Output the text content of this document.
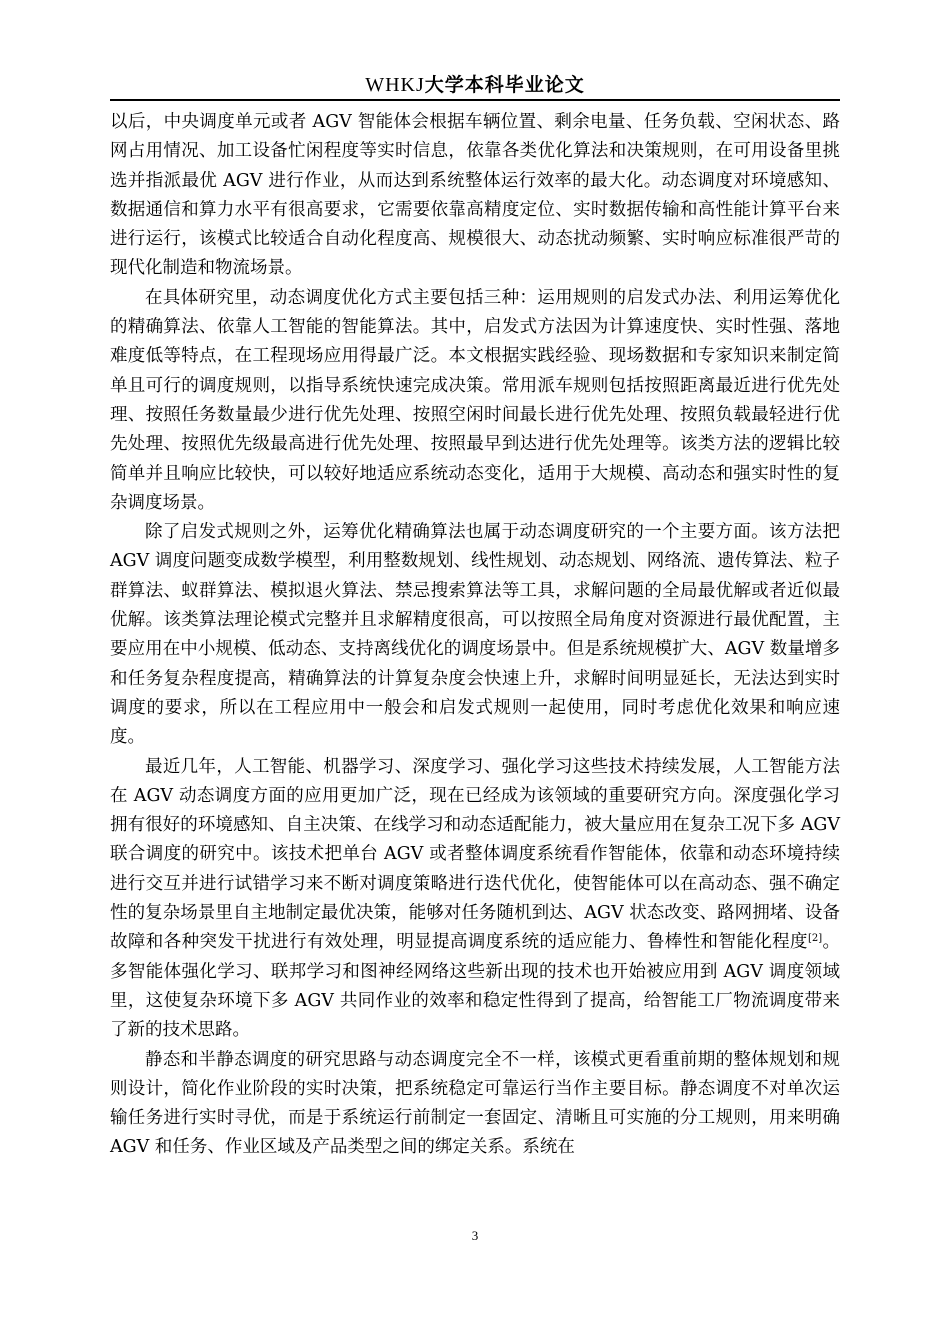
WHKJ大学本科毕业论文

以后，中央调度单元或者 AGV 智能体会根据车辆位置、剩余电量、任务负载、空闲状态、路网占用情况、加工设备忙闲程度等实时信息，依靠各类优化算法和决策规则，在可用设备里挑选并指派最优 AGV 进行作业，从而达到系统整体运行效率的最大化。动态调度对环境感知、数据通信和算力水平有很高要求，它需要依靠高精度定位、实时数据传输和高性能计算平台来进行运行，该模式比较适合自动化程度高、规模很大、动态扰动频繁、实时响应标准很严苛的现代化制造和物流场景。

在具体研究里，动态调度优化方式主要包括三种：运用规则的启发式办法、利用运筹优化的精确算法、依靠人工智能的智能算法。其中，启发式方法因为计算速度快、实时性强、落地难度低等特点，在工程现场应用得最广泛。本文根据实践经验、现场数据和专家知识来制定简单且可行的调度规则，以指导系统快速完成决策。常用派车规则包括按照距离最近进行优先处理、按照任务数量最少进行优先处理、按照空闲时间最长进行优先处理、按照负载最轻进行优先处理、按照优先级最高进行优先处理、按照最早到达进行优先处理等。该类方法的逻辑比较简单并且响应比较快，可以较好地适应系统动态变化，适用于大规模、高动态和强实时性的复杂调度场景。

除了启发式规则之外，运筹优化精确算法也属于动态调度研究的一个主要方面。该方法把 AGV 调度问题变成数学模型，利用整数规划、线性规划、动态规划、网络流、遗传算法、粒子群算法、蚁群算法、模拟退火算法、禁忌搜索算法等工具，求解问题的全局最优解或者近似最优解。该类算法理论模式完整并且求解精度很高，可以按照全局角度对资源进行最优配置，主要应用在中小规模、低动态、支持离线优化的调度场景中。但是系统规模扩大、AGV 数量增多和任务复杂程度提高，精确算法的计算复杂度会快速上升，求解时间明显延长，无法达到实时调度的要求，所以在工程应用中一般会和启发式规则一起使用，同时考虑优化效果和响应速度。

最近几年，人工智能、机器学习、深度学习、强化学习这些技术持续发展，人工智能方法在 AGV 动态调度方面的应用更加广泛，现在已经成为该领域的重要研究方向。深度强化学习拥有很好的环境感知、自主决策、在线学习和动态适配能力，被大量应用在复杂工况下多 AGV 联合调度的研究中。该技术把单台 AGV 或者整体调度系统看作智能体，依靠和动态环境持续进行交互并进行试错学习来不断对调度策略进行迭代优化，使智能体可以在高动态、强不确定性的复杂场景里自主地制定最优决策，能够对任务随机到达、AGV 状态改变、路网拥堵、设备故障和各种突发干扰进行有效处理，明显提高调度系统的适应能力、鲁棒性和智能化程度[2]。多智能体强化学习、联邦学习和图神经网络这些新出现的技术也开始被应用到 AGV 调度领域里，这使复杂环境下多 AGV 共同作业的效率和稳定性得到了提高，给智能工厂物流调度带来了新的技术思路。

静态和半静态调度的研究思路与动态调度完全不一样，该模式更看重前期的整体规划和规则设计，简化作业阶段的实时决策，把系统稳定可靠运行当作主要目标。静态调度不对单次运输任务进行实时寻优，而是于系统运行前制定一套固定、清晰且可实施的分工规则，用来明确 AGV 和任务、作业区域及产品类型之间的绑定关系。系统在

3
